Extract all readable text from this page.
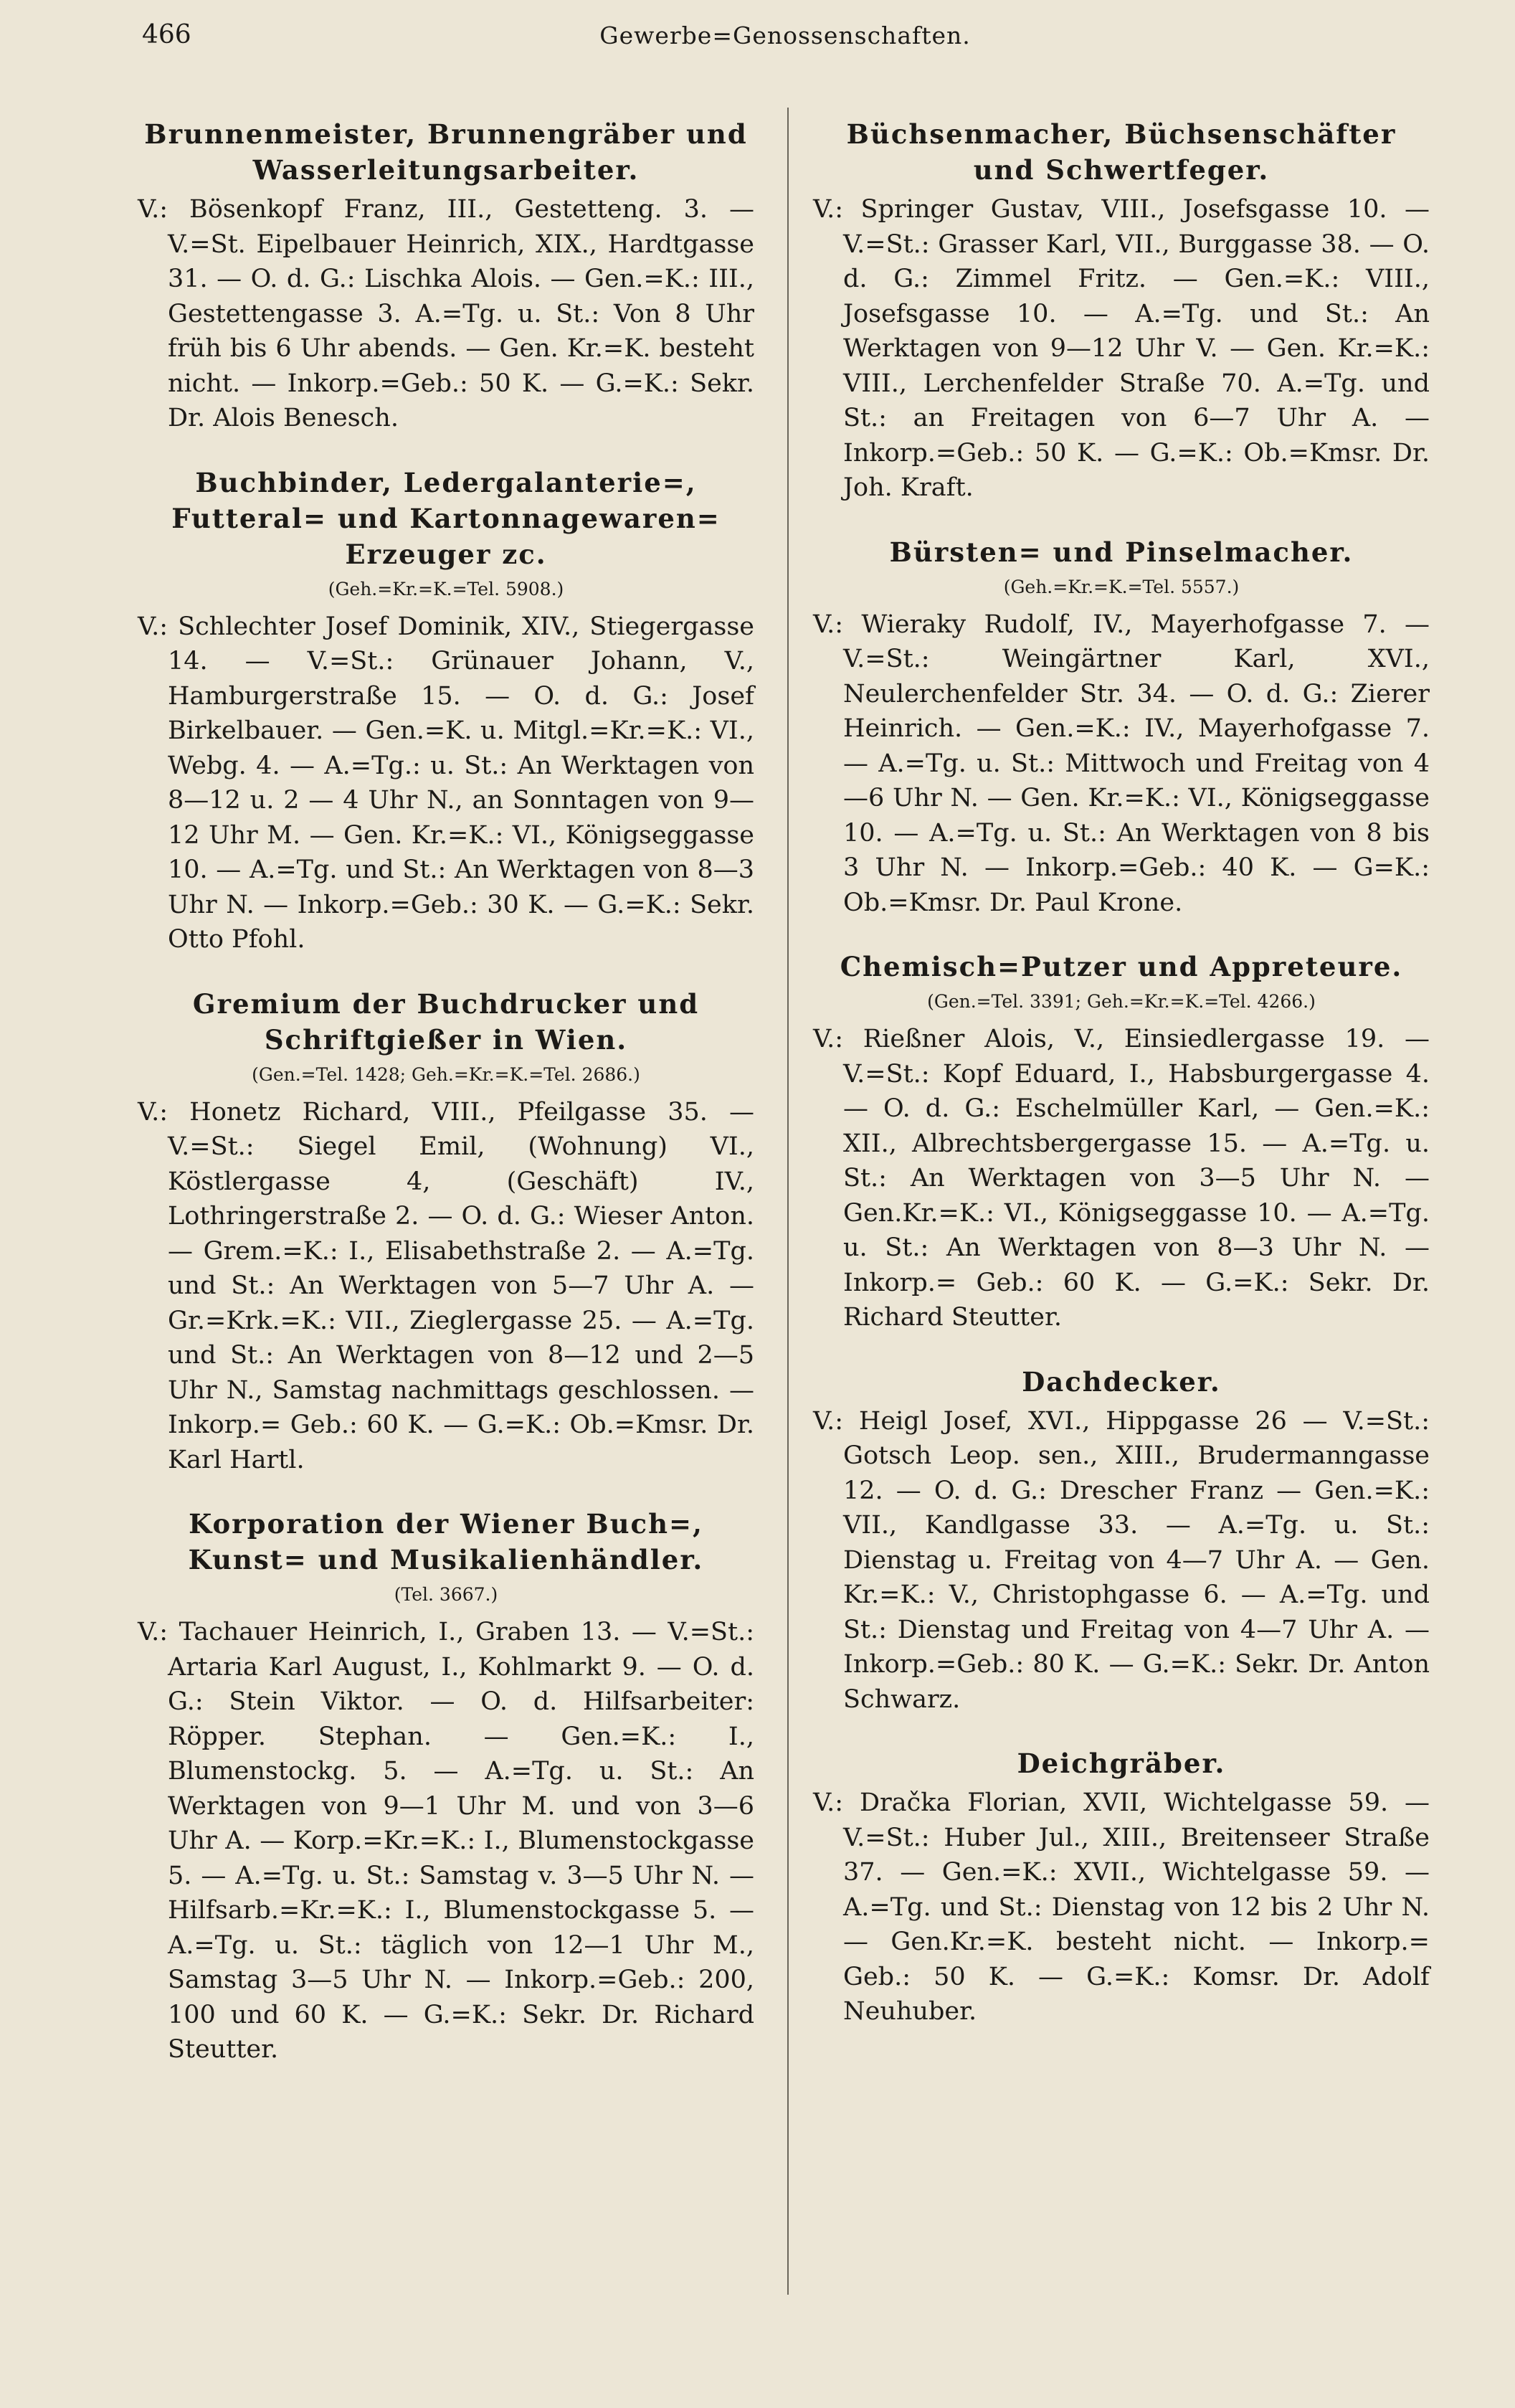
466	Gewerbe=Genossenschaften.

Brunnenmeister, Brunnengräber und Wasserleitungsarbeiter.

V.: Bösenkopf Franz, III., Gestetteng. 3. — V.=St. Eipelbauer Heinrich, XIX., Hardtgasse 31. — O. d. G.: Lischka Alois. — Gen.=K.: III., Gestettengasse 3. A.=Tg. u. St.: Von 8 Uhr früh bis 6 Uhr abends. — Gen. Kr.=K. besteht nicht. — Inkorp.=Geb.: 50 K. — G.=K.: Sekr. Dr. Alois Benesch.

Buchbinder, Ledergalanterie=, Futteral= und Kartonnagewaren= Erzeuger zc.

(Geh.=Kr.=K.=Tel. 5908.)

V.: Schlechter Josef Dominik, XIV., Stiegergasse 14. — V.=St.: Grünauer Johann, V., Hamburgerstraße 15. — O. d. G.: Josef Birkelbauer. — Gen.=K. u. Mitgl.=Kr.=K.: VI., Webg. 4. — A.=Tg.: u. St.: An Werktagen von 8—12 u. 2 — 4 Uhr N., an Sonntagen von 9—12 Uhr M. — Gen. Kr.=K.: VI., Königseggasse 10. — A.=Tg. und St.: An Werktagen von 8—3 Uhr N. — Inkorp.=Geb.: 30 K. — G.=K.: Sekr. Otto Pfohl.

Gremium der Buchdrucker und Schriftgießer in Wien.

(Gen.=Tel. 1428; Geh.=Kr.=K.=Tel. 2686.)

V.: Honetz Richard, VIII., Pfeilgasse 35. — V.=St.: Siegel Emil, (Wohnung) VI., Köstlergasse 4, (Geschäft) IV., Lothringerstraße 2. — O. d. G.: Wieser Anton. — Grem.=K.: I., Elisabethstraße 2. — A.=Tg. und St.: An Werktagen von 5—7 Uhr A. — Gr.=Krk.=K.: VII., Zieglergasse 25. — A.=Tg. und St.: An Werktagen von 8—12 und 2—5 Uhr N., Samstag nachmittags geschlossen. — Inkorp.= Geb.: 60 K. — G.=K.: Ob.=Kmsr. Dr. Karl Hartl.

Korporation der Wiener Buch=, Kunst= und Musikalienhändler.

(Tel. 3667.)

V.: Tachauer Heinrich, I., Graben 13. — V.=St.: Artaria Karl August, I., Kohlmarkt 9. — O. d. G.: Stein Viktor. — O. d. Hilfsarbeiter: Röpper. Stephan. — Gen.=K.: I., Blumenstockg. 5. — A.=Tg. u. St.: An Werktagen von 9—1 Uhr M. und von 3—6 Uhr A. — Korp.=Kr.=K.: I., Blumenstockgasse 5. — A.=Tg. u. St.: Samstag v. 3—5 Uhr N. — Hilfsarb.=Kr.=K.: I., Blumenstockgasse 5. — A.=Tg. u. St.: täglich von 12—1 Uhr M., Samstag 3—5 Uhr N. — Inkorp.=Geb.: 200, 100 und 60 K. — G.=K.: Sekr. Dr. Richard Steutter.

Büchsenmacher, Büchsenschäfter und Schwertfeger.

V.: Springer Gustav, VIII., Josefsgasse 10. — V.=St.: Grasser Karl, VII., Burggasse 38. — O. d. G.: Zimmel Fritz. — Gen.=K.: VIII., Josefsgasse 10. — A.=Tg. und St.: An Werktagen von 9—12 Uhr V. — Gen. Kr.=K.: VIII., Lerchenfelder Straße 70. A.=Tg. und St.: an Freitagen von 6—7 Uhr A. — Inkorp.=Geb.: 50 K. — G.=K.: Ob.=Kmsr. Dr. Joh. Kraft.

Bürsten= und Pinselmacher.

(Geh.=Kr.=K.=Tel. 5557.)

V.: Wieraky Rudolf, IV., Mayerhofgasse 7. — V.=St.: Weingärtner Karl, XVI., Neulerchenfelder Str. 34. — O. d. G.: Zierer Heinrich. — Gen.=K.: IV., Mayerhofgasse 7. — A.=Tg. u. St.: Mittwoch und Freitag von 4—6 Uhr N. — Gen. Kr.=K.: VI., Königseggasse 10. — A.=Tg. u. St.: An Werktagen von 8 bis 3 Uhr N. — Inkorp.=Geb.: 40 K. — G=K.: Ob.=Kmsr. Dr. Paul Krone.

Chemisch=Putzer und Appreteure.

(Gen.=Tel. 3391; Geh.=Kr.=K.=Tel. 4266.)

V.: Rießner Alois, V., Einsiedlergasse 19. — V.=St.: Kopf Eduard, I., Habsburgergasse 4. — O. d. G.: Eschelmüller Karl, — Gen.=K.: XII., Albrechtsbergergasse 15. — A.=Tg. u. St.: An Werktagen von 3—5 Uhr N. — Gen.Kr.=K.: VI., Königseggasse 10. — A.=Tg. u. St.: An Werktagen von 8—3 Uhr N. — Inkorp.= Geb.: 60 K. — G.=K.: Sekr. Dr. Richard Steutter.

Dachdecker.

V.: Heigl Josef, XVI., Hippgasse 26 — V.=St.: Gotsch Leop. sen., XIII., Brudermanngasse 12. — O. d. G.: Drescher Franz — Gen.=K.: VII., Kandlgasse 33. — A.=Tg. u. St.: Dienstag u. Freitag von 4—7 Uhr A. — Gen. Kr.=K.: V., Christophgasse 6. — A.=Tg. und St.: Dienstag und Freitag von 4—7 Uhr A. — Inkorp.=Geb.: 80 K. — G.=K.: Sekr. Dr. Anton Schwarz.

Deichgräber.

V.: Dračka Florian, XVII, Wichtelgasse 59. — V.=St.: Huber Jul., XIII., Breitenseer Straße 37. — Gen.=K.: XVII., Wichtelgasse 59. — A.=Tg. und St.: Dienstag von 12 bis 2 Uhr N. — Gen.Kr.=K. besteht nicht. — Inkorp.= Geb.: 50 K. — G.=K.: Komsr. Dr. Adolf Neuhuber.
